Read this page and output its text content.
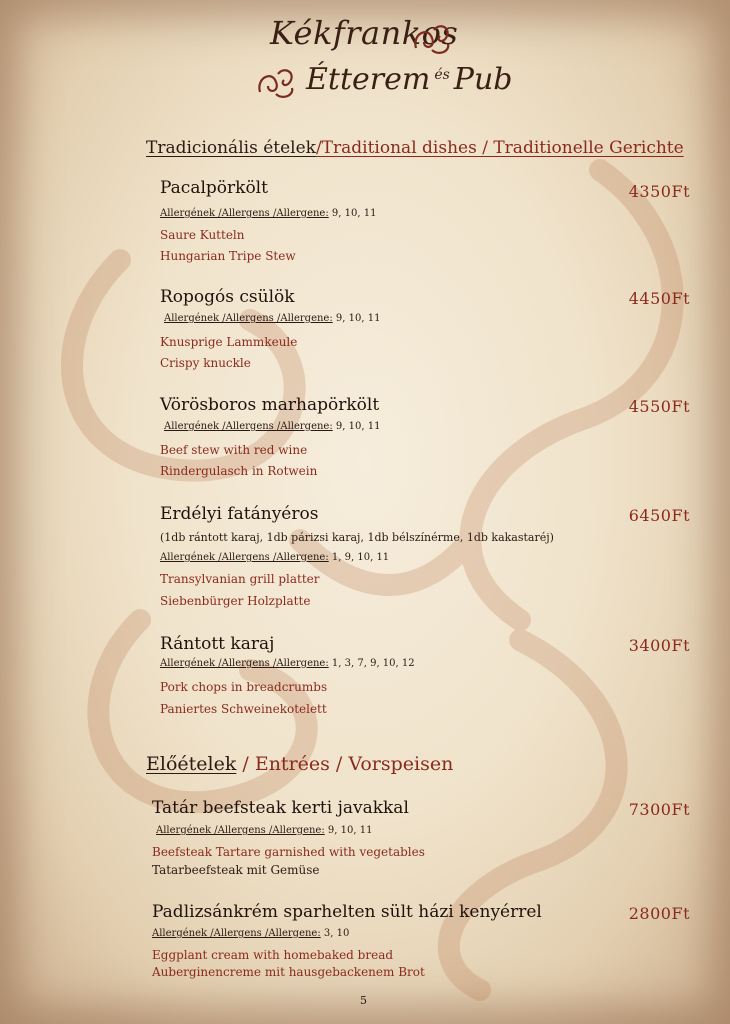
Kékfrankos
Étterem $^{és}$ Pub
Tradicionális ételek/Traditional dishes / Traditionelle Gerichte
Pacalpörkölt	4350Ft
Allergének /Allergens /Allergene: 9, 10, 11
Saure Kutteln
Hungarian Tripe Stew
Ropogós csülök	4450Ft
Allergének /Allergens /Allergene: 9, 10, 11
Knusprige Lammkeule
Crispy knuckle
Vörösboros marhapörkölt	4550Ft
Allergének /Allergens /Allergene: 9, 10, 11
Beef stew with red wine
Rindergulasch in Rotwein
Erdélyi fatányéros	6450Ft
(1db rántott karaj, 1db párizsi karaj, 1db bélszínérme, 1db kakastaréj)
Allergének /Allergens /Allergene: 1, 9, 10, 11
Transylvanian grill platter
Siebenbürger Holzplatte
Rántott karaj	3400Ft
Allergének /Allergens /Allergene: 1, 3, 7, 9, 10, 12
Pork chops in breadcrumbs
Paniertes Schweinekotelett
Előételek / Entrées / Vorspeisen
Tatár beefsteak kerti javakkal	7300Ft
Allergének /Allergens /Allergene: 9, 10, 11
Beefsteak Tartare garnished with vegetables
Tatarbeefsteak mit Gemüse
Padlizsánkrém sparhelten sült házi kenyérrel	2800Ft
Allergének /Allergens /Allergene: 3, 10
Eggplant cream with homebaked bread
Auberginencreme mit hausgebackenem Brot
5
